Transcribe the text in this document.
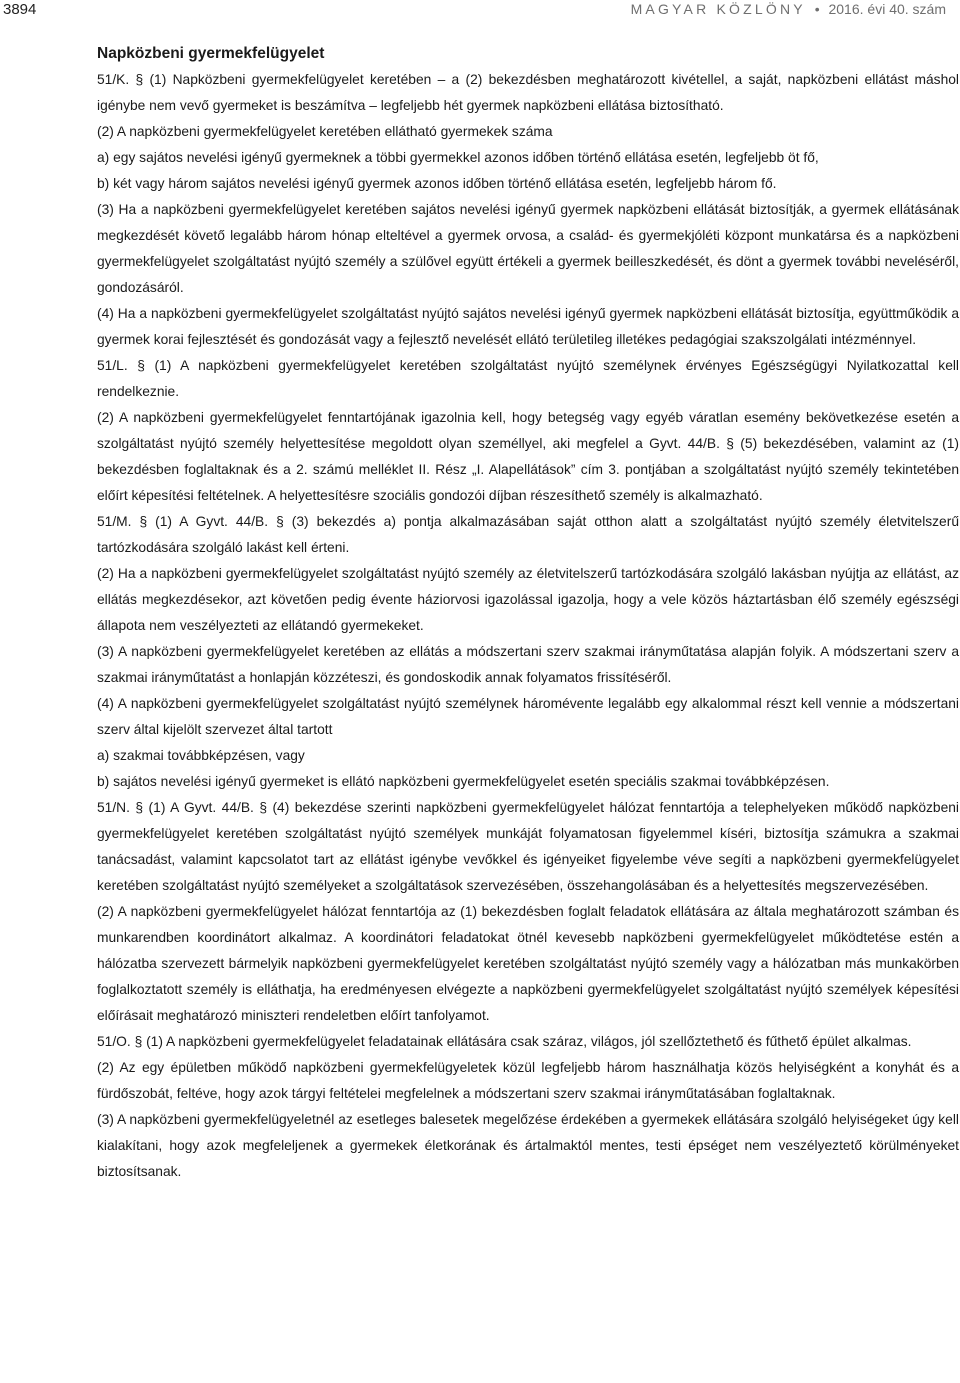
3894	MAGYAR KÖZLÖNY • 2016. évi 40. szám
Napközbeni gyermekfelügyelet

51/K. § (1) Napközbeni gyermekfelügyelet keretében – a (2) bekezdésben meghatározott kivétellel, a saját, napközbeni ellátást máshol igénybe nem vevő gyermeket is beszámítva – legfeljebb hét gyermek napközbeni ellátása biztosítható.

(2) A napközbeni gyermekfelügyelet keretében ellátható gyermekek száma

a) egy sajátos nevelési igényű gyermeknek a többi gyermekkel azonos időben történő ellátása esetén, legfeljebb öt fő,

b) két vagy három sajátos nevelési igényű gyermek azonos időben történő ellátása esetén, legfeljebb három fő.

(3) Ha a napközbeni gyermekfelügyelet keretében sajátos nevelési igényű gyermek napközbeni ellátását biztosítják, a gyermek ellátásának megkezdését követő legalább három hónap elteltével a gyermek orvosa, a család- és gyermekjóléti központ munkatársa és a napközbeni gyermekfelügyelet szolgáltatást nyújtó személy a szülővel együtt értékeli a gyermek beilleszkedését, és dönt a gyermek további neveléséről, gondozásáról.

(4) Ha a napközbeni gyermekfelügyelet szolgáltatást nyújtó sajátos nevelési igényű gyermek napközbeni ellátását biztosítja, együttműködik a gyermek korai fejlesztését és gondozását vagy a fejlesztő nevelését ellátó területileg illetékes pedagógiai szakszolgálati intézménnyel.

51/L. § (1) A napközbeni gyermekfelügyelet keretében szolgáltatást nyújtó személynek érvényes Egészségügyi Nyilatkozattal kell rendelkeznie.

(2) A napközbeni gyermekfelügyelet fenntartójának igazolnia kell, hogy betegség vagy egyéb váratlan esemény bekövetkezése esetén a szolgáltatást nyújtó személy helyettesítése megoldott olyan személlyel, aki megfelel a Gyvt. 44/B. § (5) bekezdésében, valamint az (1) bekezdésben foglaltaknak és a 2. számú melléklet II. Rész „I. Alapellátások” cím 3. pontjában a szolgáltatást nyújtó személy tekintetében előírt képesítési feltételnek. A helyettesítésre szociális gondozói díjban részesíthető személy is alkalmazható.

51/M. § (1) A Gyvt. 44/B. § (3) bekezdés a) pontja alkalmazásában saját otthon alatt a szolgáltatást nyújtó személy életvitelszerű tartózkodására szolgáló lakást kell érteni.

(2) Ha a napközbeni gyermekfelügyelet szolgáltatást nyújtó személy az életvitelszerű tartózkodására szolgáló lakásban nyújtja az ellátást, az ellátás megkezdésekor, azt követően pedig évente háziorvosi igazolással igazolja, hogy a vele közös háztartásban élő személy egészségi állapota nem veszélyezteti az ellátandó gyermekeket.

(3) A napközbeni gyermekfelügyelet keretében az ellátás a módszertani szerv szakmai irányműtatása alapján folyik. A módszertani szerv a szakmai irányműtatást a honlapján közzéteszi, és gondoskodik annak folyamatos frissítéséről.

(4) A napközbeni gyermekfelügyelet szolgáltatást nyújtó személynek háromévente legalább egy alkalommal részt kell vennie a módszertani szerv által kijelölt szervezet által tartott

a) szakmai továbbképzésen, vagy

b) sajátos nevelési igényű gyermeket is ellátó napközbeni gyermekfelügyelet esetén speciális szakmai továbbképzésen.

51/N. § (1) A Gyvt. 44/B. § (4) bekezdése szerinti napközbeni gyermekfelügyelet hálózat fenntartója a telephelyeken működő napközbeni gyermekfelügyelet keretében szolgáltatást nyújtó személyek munkáját folyamatosan figyelemmel kíséri, biztosítja számukra a szakmai tanácsadást, valamint kapcsolatot tart az ellátást igénybe vevőkkel és igényeiket figyelembe véve segíti a napközbeni gyermekfelügyelet keretében szolgáltatást nyújtó személyeket a szolgáltatások szervezésében, összehangolásában és a helyettesítés megszervezésében.

(2) A napközbeni gyermekfelügyelet hálózat fenntartója az (1) bekezdésben foglalt feladatok ellátására az általa meghatározott számban és munkarendben koordinátort alkalmaz. A koordinátori feladatokat ötnél kevesebb napközbeni gyermekfelügyelet működtetése estén a hálózatba szervezett bármelyik napközbeni gyermekfelügyelet keretében szolgáltatást nyújtó személy vagy a hálózatban más munkakörben foglalkoztatott személy is elláthatja, ha eredményesen elvégezte a napközbeni gyermekfelügyelet szolgáltatást nyújtó személyek képesítési előírásait meghatározó miniszteri rendeletben előírt tanfolyamot.

51/O. § (1) A napközbeni gyermekfelügyelet feladatainak ellátására csak száraz, világos, jól szellőztethető és fűthető épület alkalmas.

(2) Az egy épületben működő napközbeni gyermekfelügyeletek közül legfeljebb három használhatja közös helyiségként a konyhát és a fürdőszobát, feltéve, hogy azok tárgyi feltételei megfelelnek a módszertani szerv szakmai irányműtatásában foglaltaknak.

(3) A napközbeni gyermekfelügyeletnél az esetleges balesetek megelőzése érdekében a gyermekek ellátására szolgáló helyiségeket úgy kell kialakítani, hogy azok megfeleljenek a gyermekek életkorának és ártalmaktól mentes, testi épséget nem veszélyeztető körülményeket biztosítsanak.
